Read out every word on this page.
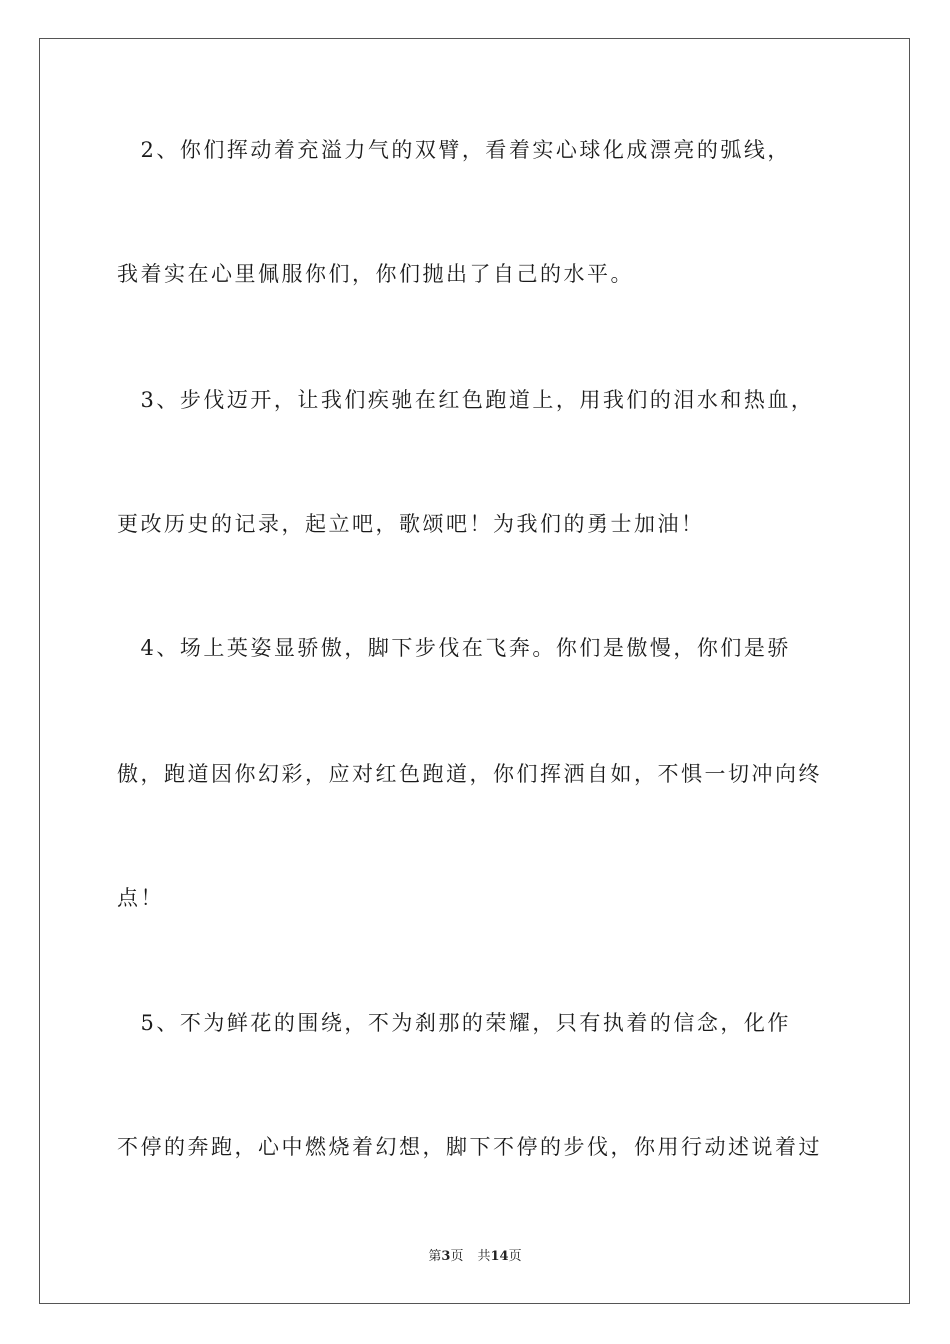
　2、你们挥动着充溢力气的双臂，看着实心球化成漂亮的弧线，
我着实在心里佩服你们，你们抛出了自己的水平。
　3、步伐迈开，让我们疾驰在红色跑道上，用我们的泪水和热血，
更改历史的记录，起立吧，歌颂吧！为我们的勇士加油！
　4、场上英姿显骄傲，脚下步伐在飞奔。你们是傲慢，你们是骄
傲，跑道因你幻彩，应对红色跑道，你们挥洒自如，不惧一切冲向终
点！
　5、不为鲜花的围绕，不为刹那的荣耀，只有执着的信念，化作
不停的奔跑，心中燃烧着幻想，脚下不停的步伐，你用行动述说着过
第3页 共14页
